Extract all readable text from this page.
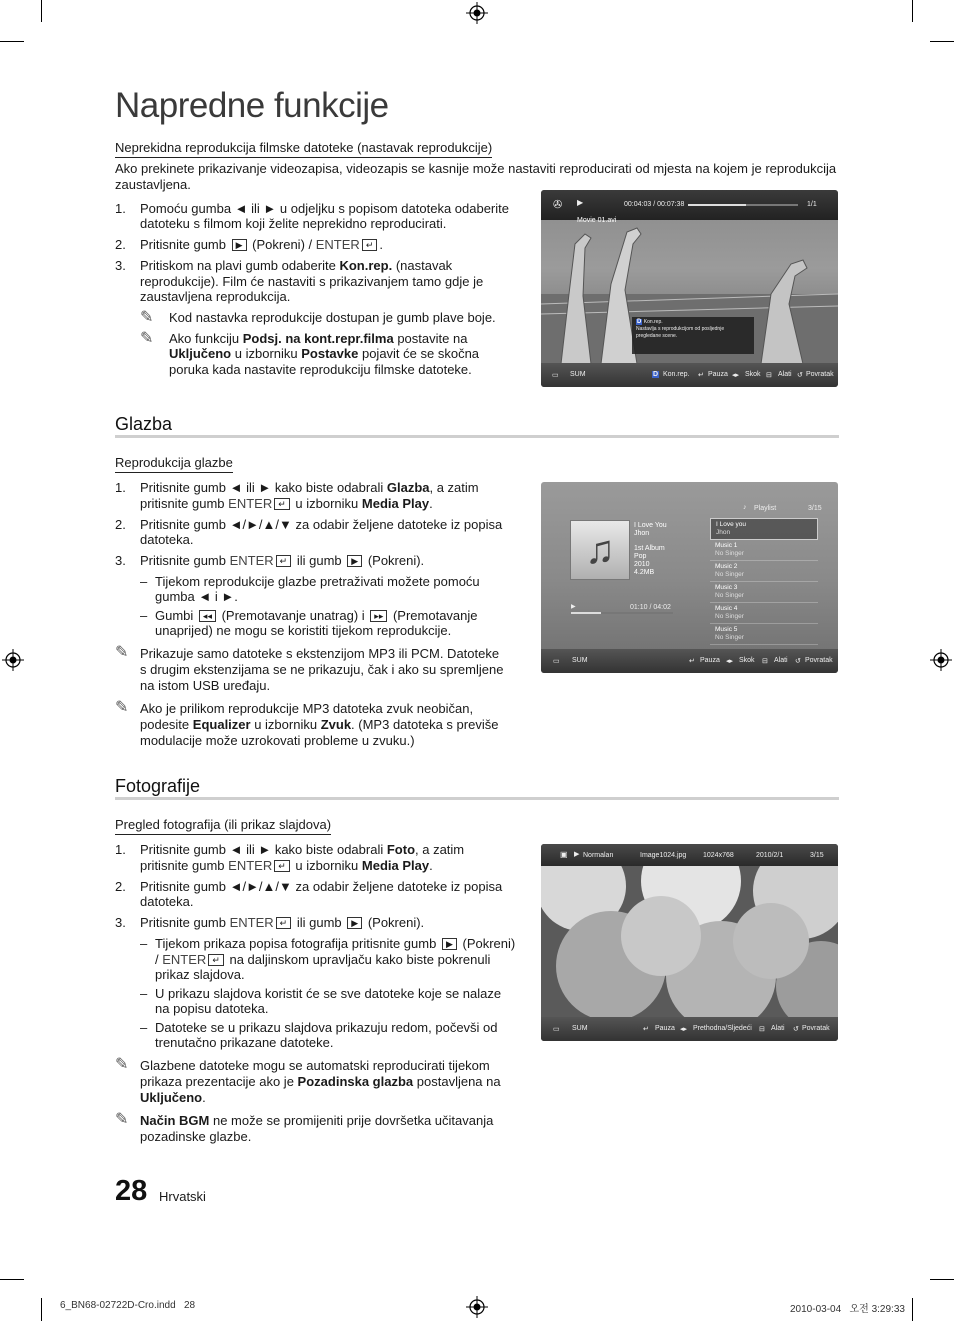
Napredne funkcije
Neprekidna reprodukcija filmske datoteke (nastavak reprodukcije)
Ako prekinete prikazivanje videozapisa, videozapis se kasnije može nastaviti reproducirati od mjesta na kojem je reprodukcija zaustavljena.
1. Pomoću gumba ◄ ili ► u odjeljku s popisom datoteka odaberite
datoteku s filmom koji želite neprekidno reproducirati.
2. Pritisnite gumb ▶ (Pokreni) / ENTER ↵ .
3. Pritiskom na plavi gumb odaberite Kon.rep. (nastavak
reprodukcije). Film će nastaviti s prikazivanjem tamo gdje je
zaustavljena reprodukcija.
✎ Kod nastavka reprodukcije dostupan je gumb plave boje.
✎ Ako funkciju Podsj. na kont.repr.filma postavite na
Uključeno u izborniku Postavke pojavit će se skočna
poruka kada nastavite reprodukciju filmske datoteke.
✇ ▶	00:04:03 / 00:07:38	1/1
Movie 01.avi
D Kon.rep.
Nastavlja s reprodukcijom od posljednje
pregledane scene.
▭ SUM	D Kon.rep. ↵ Pauza ◂▸ Skok ⊟ Alati ↺ Povratak
Glazba
Reprodukcija glazbe
1. Pritisnite gumb ◄ ili ► kako biste odabrali Glazba, a zatim
pritisnite gumb ENTER ↵ u izborniku Media Play.
2. Pritisnite gumb ◄/►/▲/▼ za odabir željene datoteke iz popisa
datoteka.
3. Pritisnite gumb ENTER ↵ ili gumb ▶ (Pokreni).
– Tijekom reprodukcije glazbe pretraživati možete pomoću
gumba ◄ i ►.
– Gumbi ◂◂ (Premotavanje unatrag) i ▸▸ (Premotavanje
unaprijed) ne mogu se koristiti tijekom reprodukcije.
✎ Prikazuje samo datoteke s ekstenzijom MP3 ili PCM. Datoteke
s drugim ekstenzijama se ne prikazuju, čak i ako su spremljene
na istom USB uređaju.
✎ Ako je prilikom reprodukcije MP3 datoteka zvuk neobičan,
podesite Equalizer u izborniku Zvuk. (MP3 datoteka s previše
modulacije može uzrokovati probleme u zvuku.)
♪ Playlist	3/15
♫
I Love You
Jhon
1st Album
Pop
2010
4.2MB
▶	01:10 / 04:02
I Love you
Jhon
Music 1
No Singer
Music 2
No Singer
Music 3
No Singer
Music 4
No Singer
Music 5
No Singer
▭ SUM	↵ Pauza ◂▸ Skok ⊟ Alati ↺ Povratak
Fotografije
Pregled fotografija (ili prikaz slajdova)
1. Pritisnite gumb ◄ ili ► kako biste odabrali Foto, a zatim
pritisnite gumb ENTER ↵ u izborniku Media Play.
2. Pritisnite gumb ◄/►/▲/▼ za odabir željene datoteke iz popisa
datoteka.
3. Pritisnite gumb ENTER ↵ ili gumb ▶ (Pokreni).
– Tijekom prikaza popisa fotografija pritisnite gumb ▶ (Pokreni)
/ ENTER ↵ na daljinskom upravljaču kako biste pokrenuli
prikaz slajdova.
– U prikazu slajdova koristit će se sve datoteke koje se nalaze
na popisu datoteka.
– Datoteke se u prikazu slajdova prikazuju redom, počevši od
trenutačno prikazane datoteke.
✎ Glazbene datoteke mogu se automatski reproducirati tijekom
prikaza prezentacije ako je Pozadinska glazba postavljena na
Uključeno.
✎ Način BGM ne može se promijeniti prije dovršetka učitavanja
pozadinske glazbe.
▣ ▶ Normalan	Image1024.jpg 1024x768	2010/2/1	3/15
▭ SUM	↵ Pauza ◂▸ Prethodna/Sljedeći ⊟ Alati ↺ Povratak
28 Hrvatski
6_BN68-02722D-Cro.indd   28	2010-03-04   오전 3:29:33
